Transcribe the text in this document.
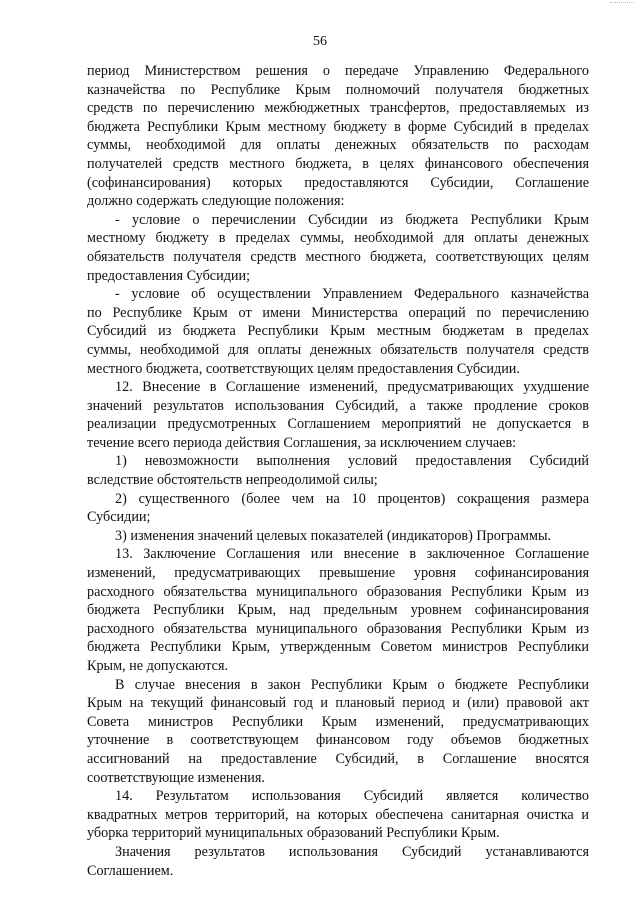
56
период Министерством решения о передаче Управлению Федерального
казначейства по Республике Крым полномочий получателя бюджетных
средств по перечислению межбюджетных трансфертов, предоставляемых из
бюджета Республики Крым местному бюджету в форме Субсидий в пределах
суммы, необходимой для оплаты денежных обязательств по расходам
получателей средств местного бюджета, в целях финансового обеспечения
(софинансирования) которых предоставляются Субсидии, Соглашение
должно содержать следующие положения:
- условие о перечислении Субсидии из бюджета Республики Крым
местному бюджету в пределах суммы, необходимой для оплаты денежных
обязательств получателя средств местного бюджета, соответствующих целям
предоставления Субсидии;
- условие об осуществлении Управлением Федерального казначейства
по Республике Крым от имени Министерства операций по перечислению
Субсидий из бюджета Республики Крым местным бюджетам в пределах
суммы, необходимой для оплаты денежных обязательств получателя средств
местного бюджета, соответствующих целям предоставления Субсидии.
12. Внесение в Соглашение изменений, предусматривающих ухудшение
значений результатов использования Субсидий, а также продление сроков
реализации предусмотренных Соглашением мероприятий не допускается в
течение всего периода действия Соглашения, за исключением случаев:
1) невозможности выполнения условий предоставления Субсидий
вследствие обстоятельств непреодолимой силы;
2) существенного (более чем на 10 процентов) сокращения размера
Субсидии;
3) изменения значений целевых показателей (индикаторов) Программы.
13. Заключение Соглашения или внесение в заключенное Соглашение
изменений, предусматривающих превышение уровня софинансирования
расходного обязательства муниципального образования Республики Крым из
бюджета Республики Крым, над предельным уровнем софинансирования
расходного обязательства муниципального образования Республики Крым из
бюджета Республики Крым, утвержденным Советом министров Республики
Крым, не допускаются.
В случае внесения в закон Республики Крым о бюджете Республики
Крым на текущий финансовый год и плановый период и (или) правовой акт
Совета министров Республики Крым изменений, предусматривающих
уточнение в соответствующем финансовом году объемов бюджетных
ассигнований на предоставление Субсидий, в Соглашение вносятся
соответствующие изменения.
14. Результатом использования Субсидий является количество
квадратных метров территорий, на которых обеспечена санитарная очистка и
уборка территорий муниципальных образований Республики Крым.
Значения результатов использования Субсидий устанавливаются
Соглашением.
